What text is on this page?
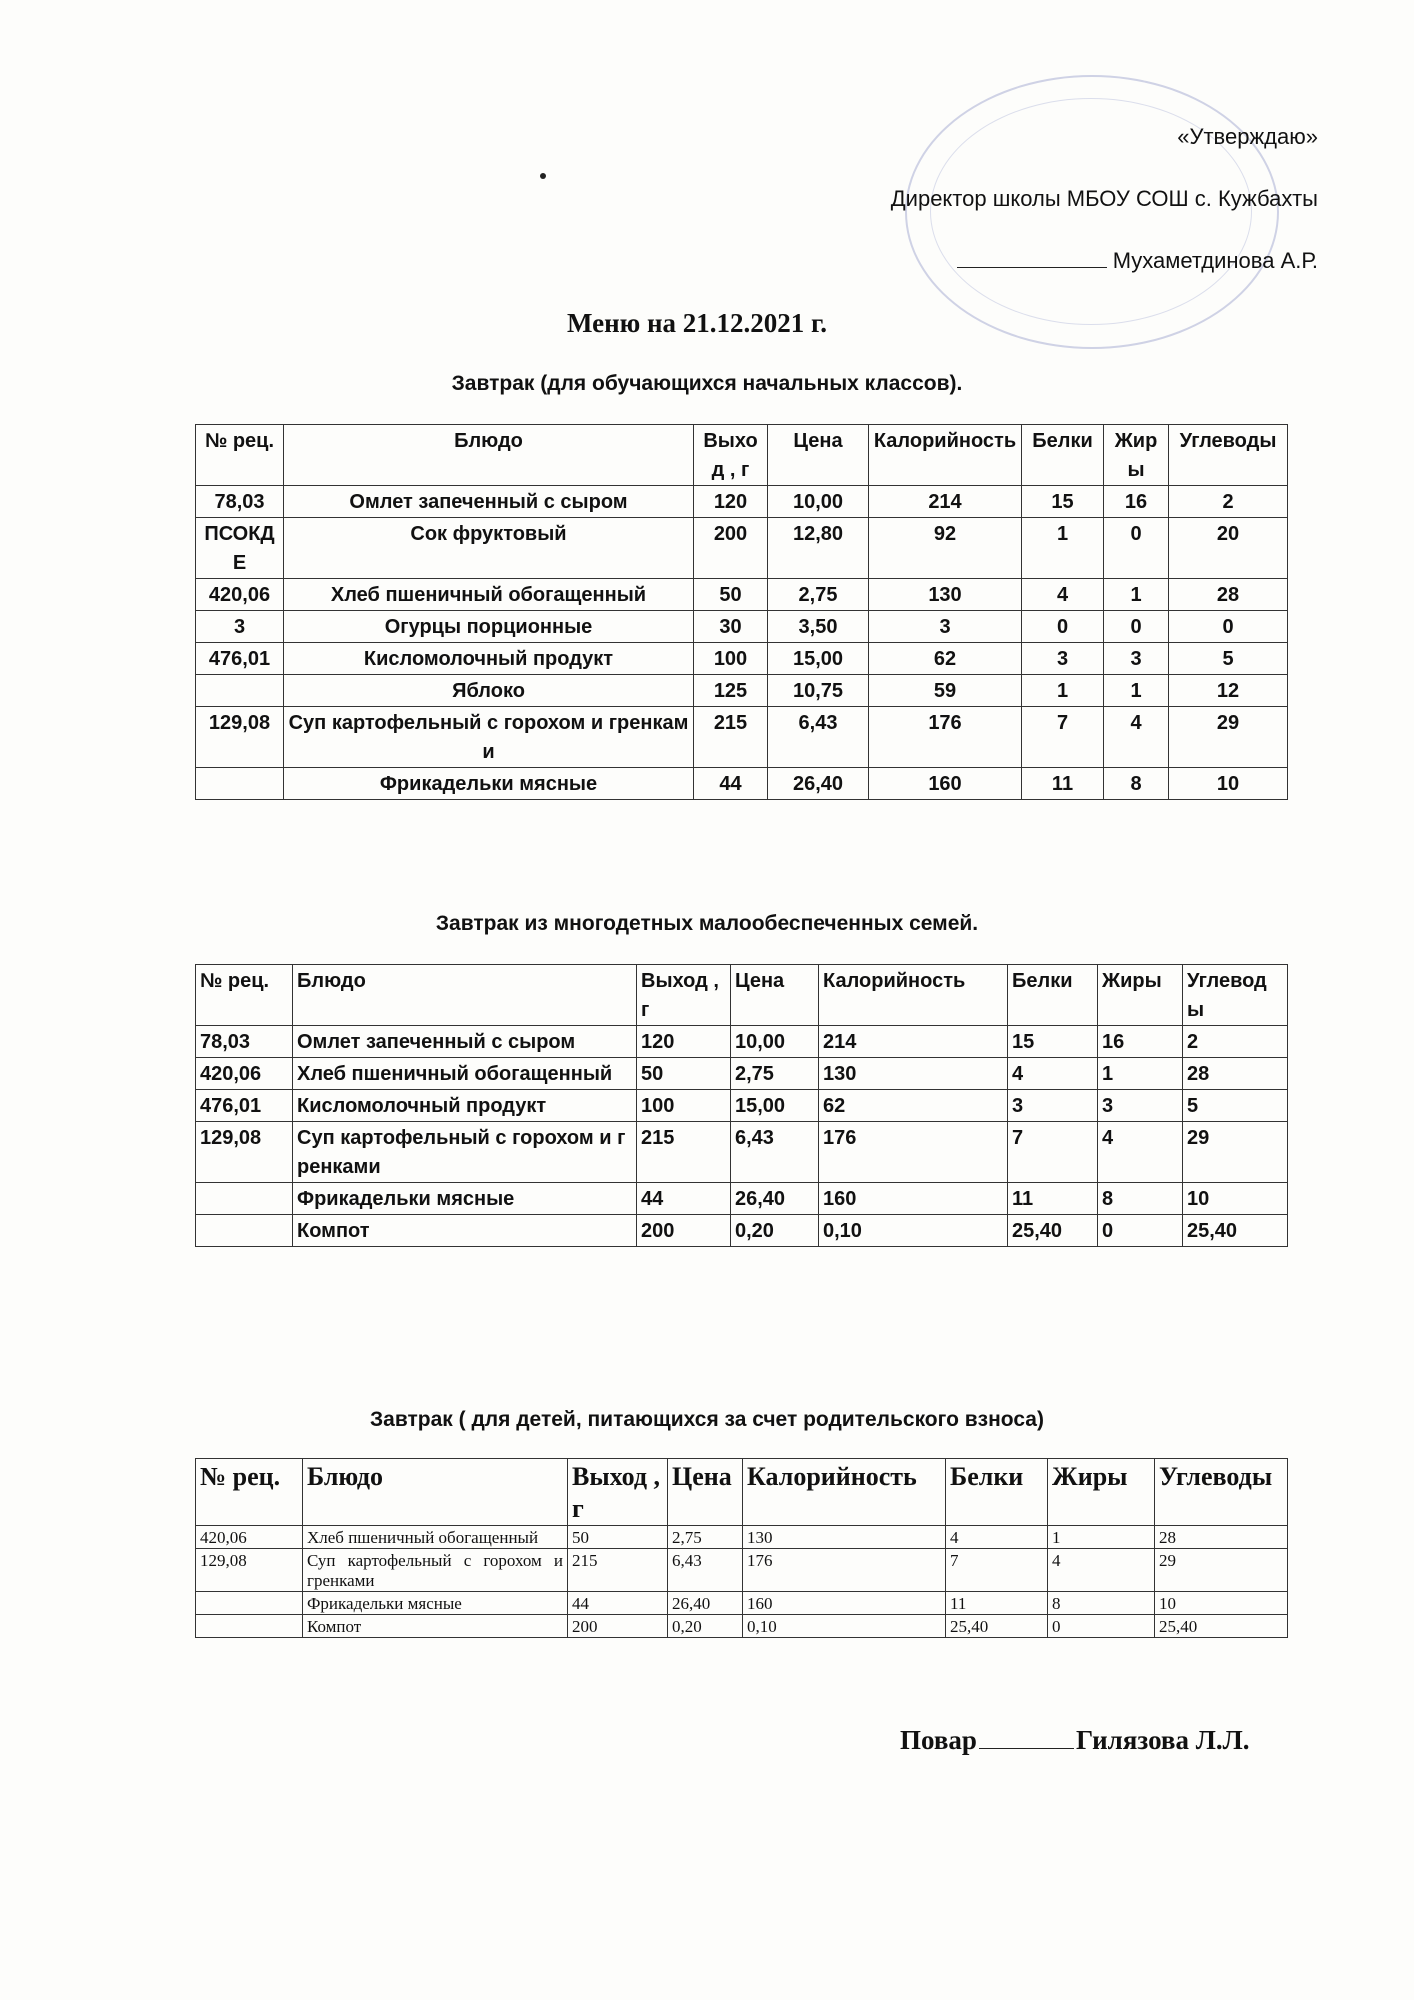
«Утверждаю»
Директор школы МБОУ СОШ с. Кужбахты
Мухаметдинова А.Р.
Меню на 21.12.2021 г.
Завтрак (для обучающихся начальных классов).
№ рец.	Блюдо	Выход , г	Цена	Калорийность	Белки	Жиры	Углеводы
78,03	Омлет запеченный с сыром	120	10,00	214	15	16	2
ПСОКДЕ	Сок фруктовый	200	12,80	92	1	0	20
420,06	Хлеб пшеничный обогащенный	50	2,75	130	4	1	28
3	Огурцы порционные	30	3,50	3	0	0	0
476,01	Кисломолочный продукт	100	15,00	62	3	3	5
	Яблоко	125	10,75	59	1	1	12
129,08	Суп картофельный с горохом и гренками	215	6,43	176	7	4	29
	Фрикадельки мясные	44	26,40	160	11	8	10
Завтрак из многодетных малообеспеченных семей.
№ рец.	Блюдо	Выход , г	Цена	Калорийность	Белки	Жиры	Углеводы
78,03	Омлет запеченный с сыром	120	10,00	214	15	16	2
420,06	Хлеб пшеничный обогащенный	50	2,75	130	4	1	28
476,01	Кисломолочный продукт	100	15,00	62	3	3	5
129,08	Суп картофельный с горохом и гренками	215	6,43	176	7	4	29
	Фрикадельки мясные	44	26,40	160	11	8	10
	Компот	200	0,20	0,10	25,40	0	25,40
Завтрак ( для детей, питающихся за счет родительского взноса)
№ рец.	Блюдо	Выход , г	Цена	Калорийность	Белки	Жиры	Углеводы
420,06	Хлеб пшеничный обогащенный	50	2,75	130	4	1	28
129,08	Суп картофельный с горохом и гренками	215	6,43	176	7	4	29
	Фрикадельки мясные	44	26,40	160	11	8	10
	Компот	200	0,20	0,10	25,40	0	25,40
Повар	Гилязова Л.Л.
